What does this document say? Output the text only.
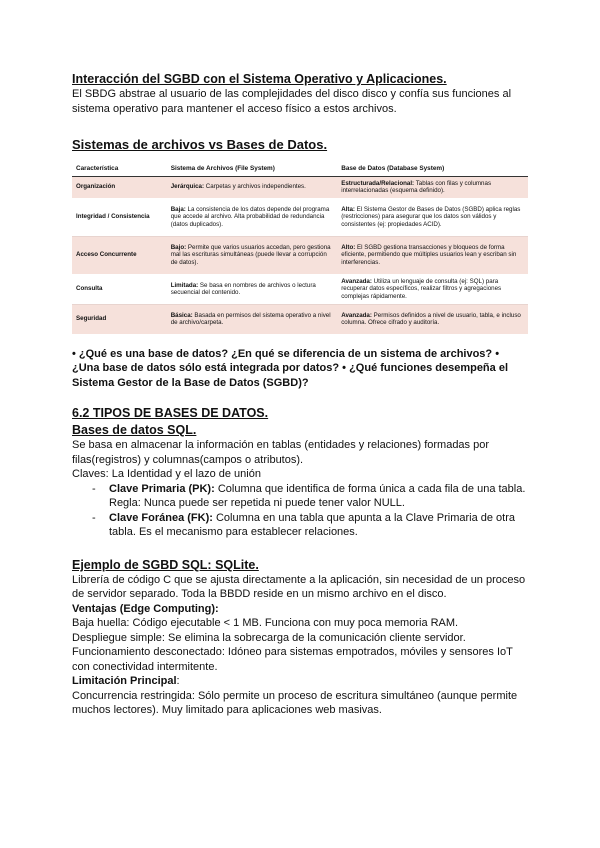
Interacción del SGBD con el Sistema Operativo y Aplicaciones.

El SBDG abstrae al usuario de las complejidades del disco disco y confía sus funciones al sistema operativo para mantener el acceso físico a estos archivos.

Sistemas de archivos vs Bases de Datos.
Característica	Sistema de Archivos (File System)	Base de Datos (Database System)
Organización	Jerárquica: Carpetas y archivos independientes.	Estructurada/Relacional: Tablas con filas y columnas interrelacionadas (esquema definido).
Integridad / Consistencia	Baja: La consistencia de los datos depende del programa que accede al archivo. Alta probabilidad de redundancia (datos duplicados).	Alta: El Sistema Gestor de Bases de Datos (SGBD) aplica reglas (restricciones) para asegurar que los datos son válidos y consistentes (ej: propiedades ACID).
Acceso Concurrente	Bajo: Permite que varios usuarios accedan, pero gestiona mal las escrituras simultáneas (puede llevar a corrupción de datos).	Alto: El SGBD gestiona transacciones y bloqueos de forma eficiente, permitiendo que múltiples usuarios lean y escriban sin interferencias.
Consulta	Limitada: Se basa en nombres de archivos o lectura secuencial del contenido.	Avanzada: Utiliza un lenguaje de consulta (ej: SQL) para recuperar datos específicos, realizar filtros y agregaciones complejas rápidamente.
Seguridad	Básica: Basada en permisos del sistema operativo a nivel de archivo/carpeta.	Avanzada: Permisos definidos a nivel de usuario, tabla, e incluso columna. Ofrece cifrado y auditoría.

• ¿Qué es una base de datos? ¿En qué se diferencia de un sistema de archivos? • ¿Una base de datos sólo está integrada por datos? • ¿Qué funciones desempeña el Sistema Gestor de la Base de Datos (SGBD)?

6.2 TIPOS DE BASES DE DATOS.
Bases de datos SQL.

Se basa en almacenar la información en tablas (entidades y relaciones) formadas por filas(registros) y columnas(campos o atributos).

Claves: La Identidad y el lazo de unión

- Clave Primaria (PK): Columna que identifica de forma única a cada fila de una tabla.

Regla: Nunca puede ser repetida ni puede tener valor NULL.

- Clave Foránea (FK): Columna en una tabla que apunta a la Clave Primaria de otra tabla. Es el mecanismo para establecer relaciones.

Ejemplo de SGBD SQL: SQLite.

Librería de código C que se ajusta directamente a la aplicación, sin necesidad de un proceso de servidor separado. Toda la BBDD reside en un mismo archivo en el disco.

Ventajas (Edge Computing):

Baja huella: Código ejecutable < 1 MB. Funciona con muy poca memoria RAM.

Despliegue simple: Se elimina la sobrecarga de la comunicación cliente servidor.

Funcionamiento desconectado: Idóneo para sistemas empotrados, móviles y sensores IoT con conectividad intermitente.

Limitación Principal:

Concurrencia restringida: Sólo permite un proceso de escritura simultáneo (aunque permite muchos lectores). Muy limitado para aplicaciones web masivas.
